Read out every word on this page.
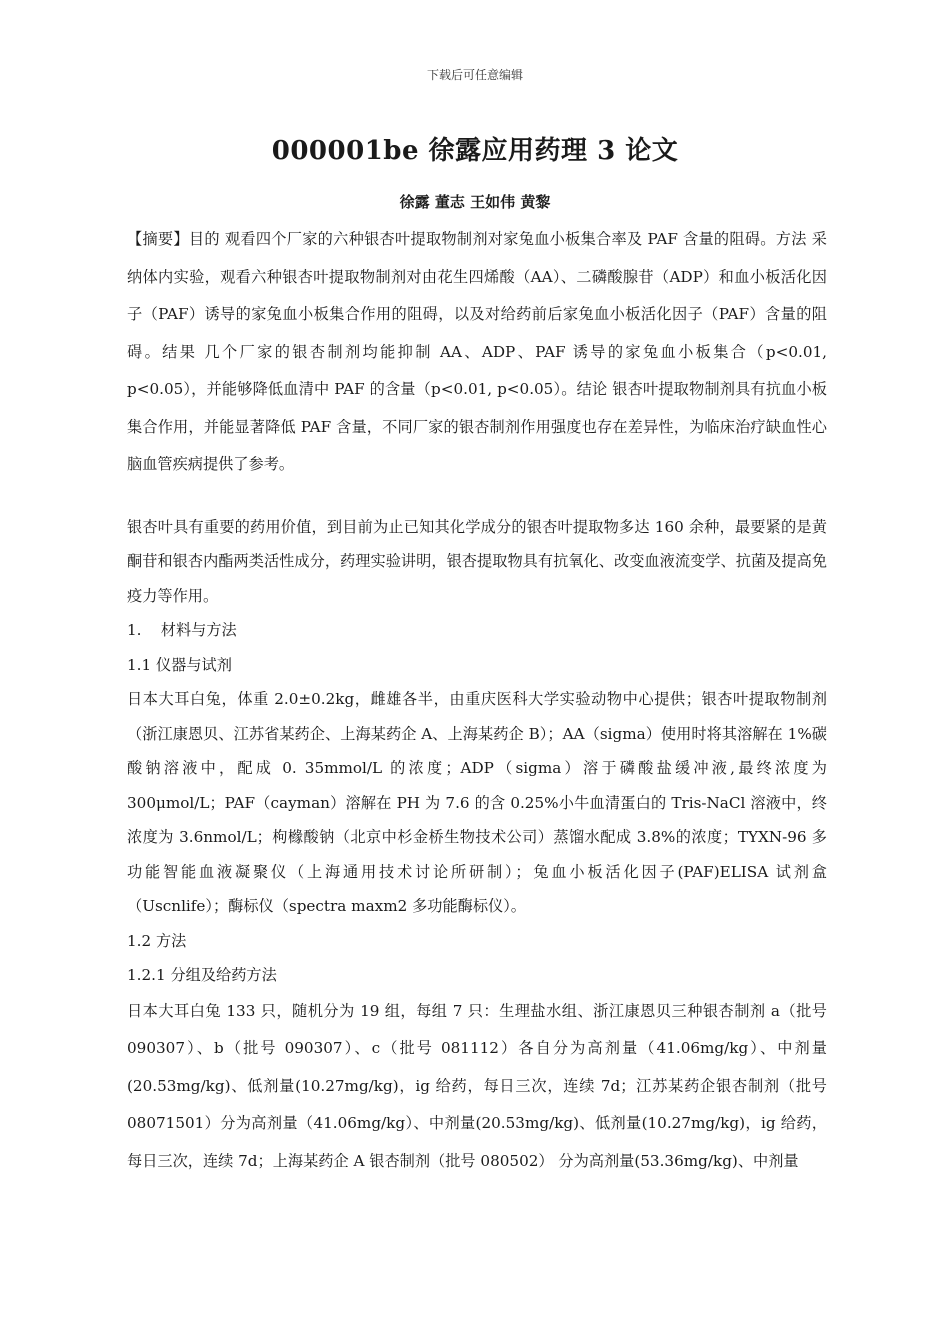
下载后可任意编辑
000001be 徐露应用药理 3 论文
徐露 董志 王如伟 黄黎

【摘要】目的 观看四个厂家的六种银杏叶提取物制剂对家兔血小板集合率及 PAF 含量的阻碍。方法 采纳体内实验，观看六种银杏叶提取物制剂对由花生四烯酸（AA）、二磷酸腺苷（ADP）和血小板活化因子（PAF）诱导的家兔血小板集合作用的阻碍，以及对给药前后家兔血小板活化因子（PAF）含量的阻碍。结果 几个厂家的银杏制剂均能抑制 AA、ADP、PAF 诱导的家兔血小板集合（p<0.01, p<0.05），并能够降低血清中 PAF 的含量（p<0.01, p<0.05）。结论 银杏叶提取物制剂具有抗血小板集合作用，并能显著降低 PAF 含量，不同厂家的银杏制剂作用强度也存在差异性，为临床治疗缺血性心脑血管疾病提供了参考。

银杏叶具有重要的药用价值，到目前为止已知其化学成分的银杏叶提取物多达 160 余种，最要紧的是黄酮苷和银杏内酯两类活性成分，药理实验讲明，银杏提取物具有抗氧化、改变血液流变学、抗菌及提高免疫力等作用。

1.    材料与方法

1.1 仪器与试剂

日本大耳白兔，体重 2.0±0.2kg，雌雄各半，由重庆医科大学实验动物中心提供；银杏叶提取物制剂（浙江康恩贝、江苏省某药企、上海某药企 A、上海某药企 B）；AA（sigma）使用时将其溶解在 1%碳酸钠溶液中，配成 0. 35mmol/L 的浓度；ADP（sigma）溶于磷酸盐缓冲液,最终浓度为 300μmol/L；PAF（cayman）溶解在 PH 为 7.6 的含 0.25%小牛血清蛋白的 Tris-NaCl 溶液中，终浓度为 3.6nmol/L；枸橼酸钠（北京中杉金桥生物技术公司）蒸馏水配成 3.8%的浓度；TYXN-96 多功能智能血液凝聚仪（上海通用技术讨论所研制）；兔血小板活化因子(PAF)ELISA 试剂盒（Uscnlife）；酶标仪（spectra maxm2 多功能酶标仪）。

1.2 方法

1.2.1 分组及给药方法

日本大耳白兔 133 只，随机分为 19 组，每组 7 只：生理盐水组、浙江康恩贝三种银杏制剂 a（批号 090307）、b（批号 090307）、c（批号 081112）各自分为高剂量（41.06mg/kg）、中剂量(20.53mg/kg)、低剂量(10.27mg/kg)，ig 给药，每日三次，连续 7d；江苏某药企银杏制剂（批号 08071501）分为高剂量（41.06mg/kg）、中剂量(20.53mg/kg)、低剂量(10.27mg/kg)，ig 给药，每日三次，连续 7d；上海某药企 A 银杏制剂（批号 080502） 分为高剂量(53.36mg/kg)、中剂量
